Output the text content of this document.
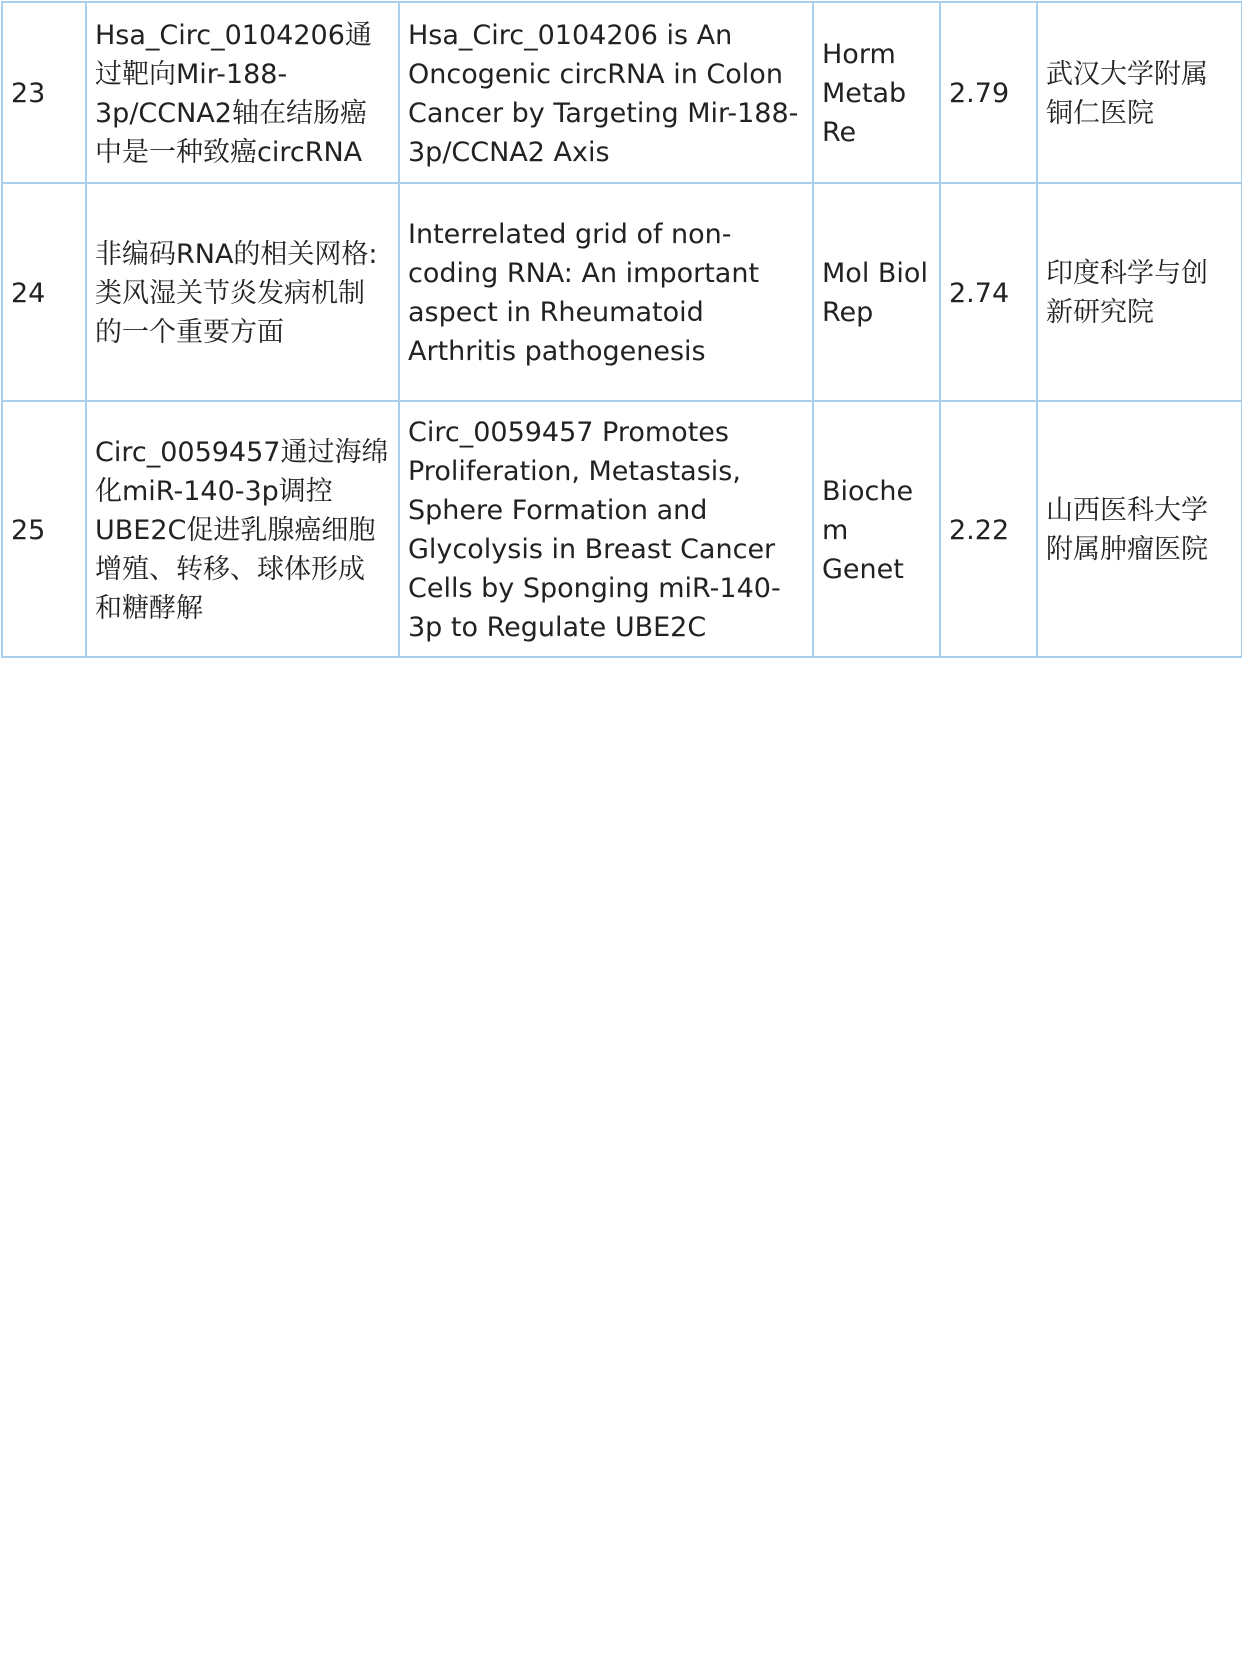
23	Hsa_Circ_0104206通过靶向Mir-188-3p/CCNA2轴在结肠癌中是一种致癌circRNA	Hsa_Circ_0104206 is An Oncogenic circRNA in Colon Cancer by Targeting Mir-188-3p/CCNA2 Axis	Horm Metab Re	2.79	武汉大学附属铜仁医院
24	非编码RNA的相关网格:类风湿关节炎发病机制的一个重要方面	Interrelated grid of non-coding RNA: An important aspect in Rheumatoid Arthritis pathogenesis	Mol Biol Rep	2.74	印度科学与创新研究院
25	Circ_0059457通过海绵化miR-140-3p调控UBE2C促进乳腺癌细胞增殖、转移、球体形成和糖酵解	Circ_0059457 Promotes Proliferation, Metastasis, Sphere Formation and Glycolysis in Breast Cancer Cells by Sponging miR-140-3p to Regulate UBE2C	Biochem Genet	2.22	山西医科大学附属肿瘤医院
